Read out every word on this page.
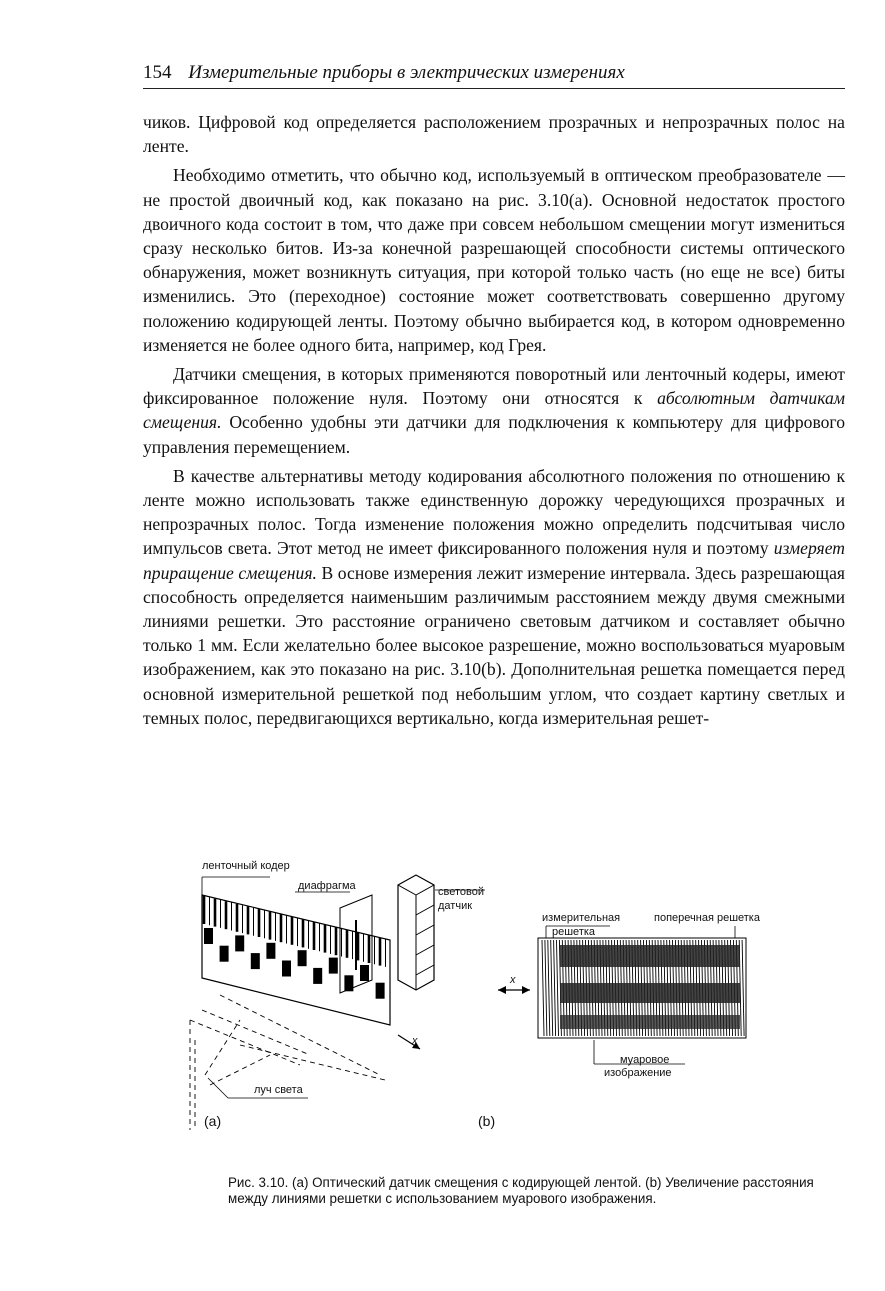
154 Измерительные приборы в электрических измерениях

чиков. Цифровой код определяется расположением прозрачных и непрозрачных полос на ленте.

Необходимо отметить, что обычно код, используемый в оптическом преобразователе — не простой двоичный код, как показано на рис. 3.10(a). Основной недостаток простого двоичного кода состоит в том, что даже при совсем небольшом смещении могут измениться сразу несколько битов. Из-за конечной разрешающей способности системы оптического обнаружения, может возникнуть ситуация, при которой только часть (но еще не все) биты изменились. Это (переходное) состояние может соответствовать совершенно другому положению кодирующей ленты. Поэтому обычно выбирается код, в котором одновременно изменяется не более одного бита, например, код Грея.

Датчики смещения, в которых применяются поворотный или ленточный кодеры, имеют фиксированное положение нуля. Поэтому они относятся к абсолютным датчикам смещения. Особенно удобны эти датчики для подключения к компьютеру для цифрового управления перемещением.

В качестве альтернативы методу кодирования абсолютного положения по отношению к ленте можно использовать также единственную дорожку чередующихся прозрачных и непрозрачных полос. Тогда изменение положения можно определить подсчитывая число импульсов света. Этот метод не имеет фиксированного положения нуля и поэтому измеряет приращение смещения. В основе измерения лежит измерение интервала. Здесь разрешающая способность определяется наименьшим различимым расстоянием между двумя смежными линиями решетки. Это расстояние ограничено световым датчиком и составляет обычно только 1 мм. Если желательно более высокое разрешение, можно воспользоваться муаровым изображением, как это показано на рис. 3.10(b). Дополнительная решетка помещается перед основной измерительной решеткой под небольшим углом, что создает картину светлых и темных полос, передвигающихся вертикально, когда измерительная решет-

ленточный кодер
диафрагма	световой
датчик
луч света
x
измерительная
решетка
поперечная решетка
муаровое
изображение
x
(a)	(b)
Рис. 3.10. (a) Оптический датчик смещения с кодирующей лентой. (b) Увеличение расстояния между линиями решетки с использованием муарового изображения.
